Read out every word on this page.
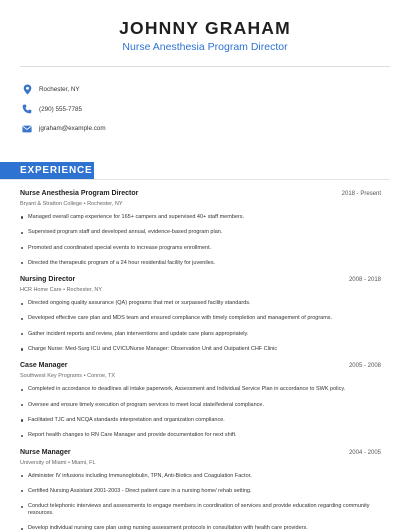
JOHNNY GRAHAM
Nurse Anesthesia Program Director
Rochester, NY
(290) 555-7785
jgraham@example.com
EXPERIENCE
Nurse Anesthesia Program Director	2018 - Present
Bryant & Stratton College • Rochester, NY
Managed overall camp experience for 165+ campers and supervised 40+ staff members.
Supervised program staff and developed annual, evidence-based program plan.
Promoted and coordinated special events to increase programs enrollment.
Directed the therapeutic program of a 24 hour residential facility for juveniles.
Nursing Director	2008 - 2018
HCR Home Care • Rochester, NY
Directed ongoing quality assurance (QA) programs that met or surpassed facility standards.
Developed effective care plan and MDS team and ensured compliance with timely completion and management of programs.
Gather incident reports and review, plan interventions and update care plans appropriately.
Charge Nurse: Med-Surg ICU and CVICUNurse Manager: Observation Unit and Outpatient CHF Clinic
Case Manager	2005 - 2008
Southwest Key Programs • Conroe, TX
Completed in accordance to deadlines all intake paperwork, Assessment and Individual Service Plan in accordance to SWK policy.
Oversee and ensure timely execution of program services to meet local state/federal compliance.
Facilitated TJC and NCQA standards interpretation and organization compliance.
Report health changes to RN Care Manager and provide documentation for next shift.
Nurse Manager	2004 - 2005
University of Miami • Miami, FL
Administer IV infusions including Immunoglobulin, TPN, Anti-Biotics and Coagulation Factor.
Certified Nursing Assistant 2001-2003 - Direct patient care in a nursing home/ rehab setting.
Conduct telephonic interviews and assessments to engage members in coordination of services and provide education regarding community resources.
Develop individual nursing care plan using nursing assessment protocols in consultation with health care providers.
